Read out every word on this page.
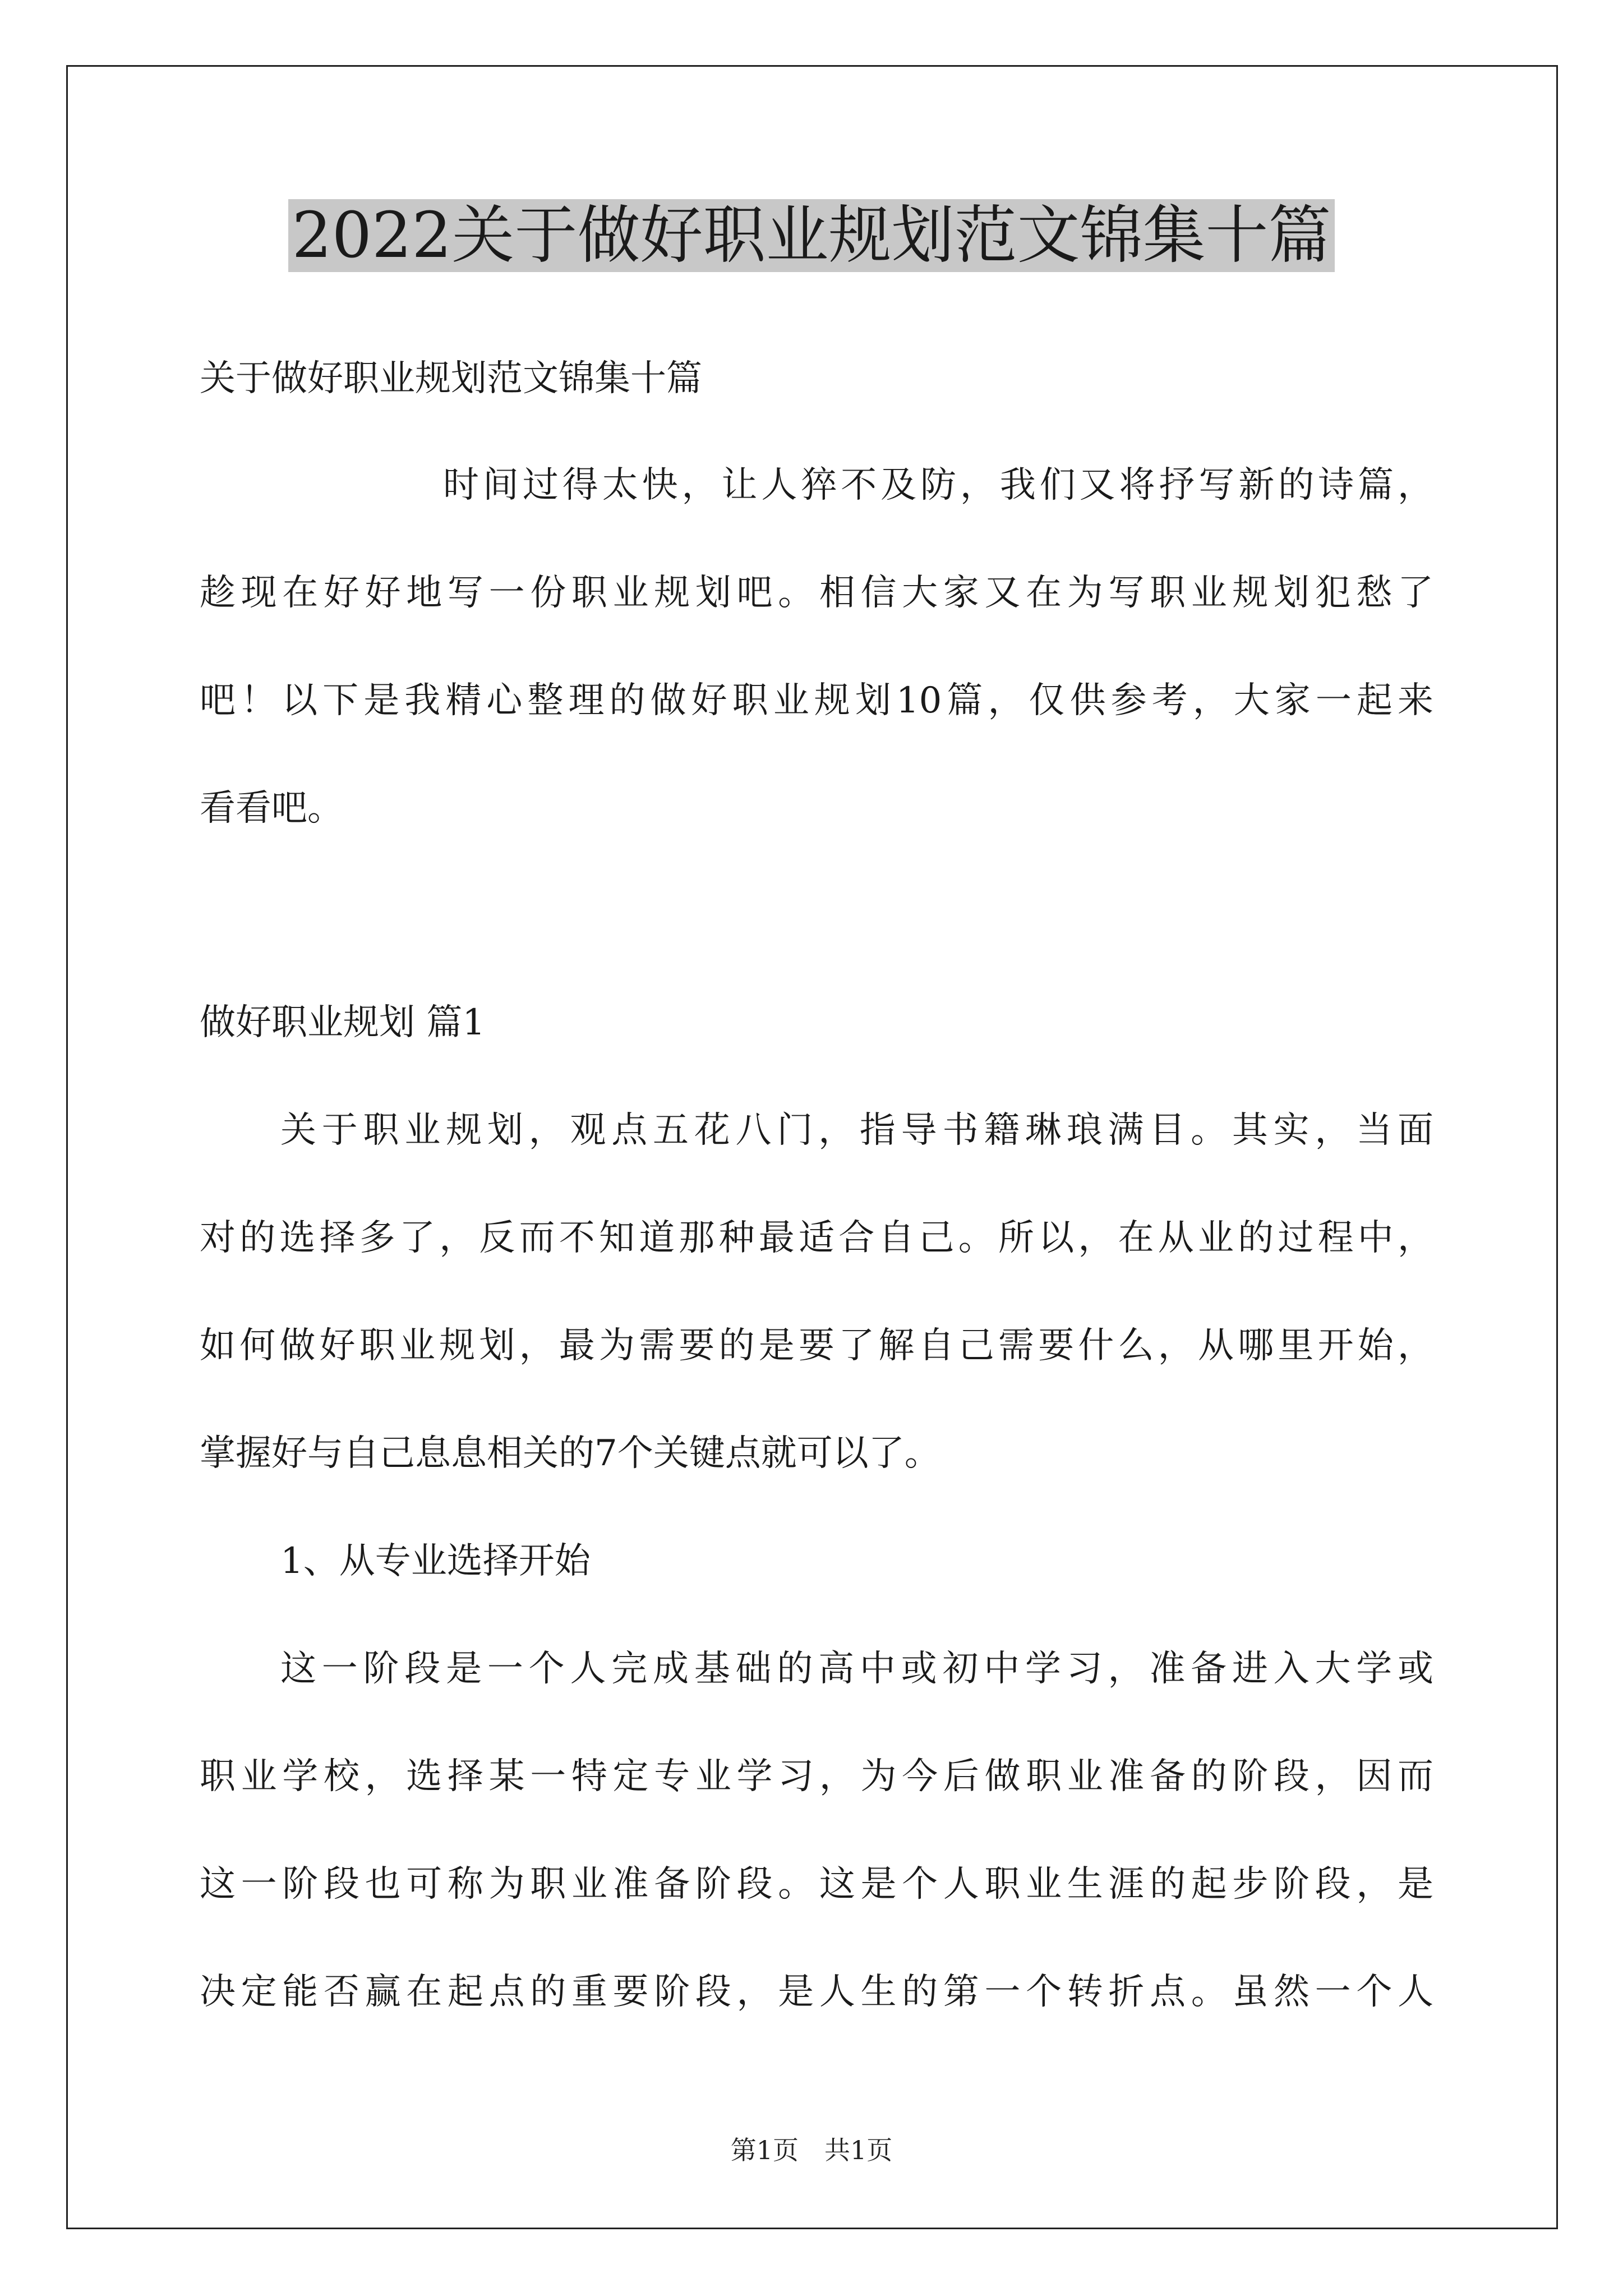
2022关于做好职业规划范文锦集十篇

关于做好职业规划范文锦集十篇

时间过得太快，让人猝不及防，我们又将抒写新的诗篇，

趁现在好好地写一份职业规划吧。相信大家又在为写职业规划犯愁了

吧！以下是我精心整理的做好职业规划10篇，仅供参考，大家一起来

看看吧。

做好职业规划 篇1

关于职业规划，观点五花八门，指导书籍琳琅满目。其实，当面

对的选择多了，反而不知道那种最适合自己。所以，在从业的过程中，

如何做好职业规划，最为需要的是要了解自己需要什么，从哪里开始，

掌握好与自己息息相关的7个关键点就可以了。

1、从专业选择开始

这一阶段是一个人完成基础的高中或初中学习，准备进入大学或

职业学校，选择某一特定专业学习，为今后做职业准备的阶段，因而

这一阶段也可称为职业准备阶段。这是个人职业生涯的起步阶段，是

决定能否赢在起点的重要阶段，是人生的第一个转折点。虽然一个人

第1页　共1页
